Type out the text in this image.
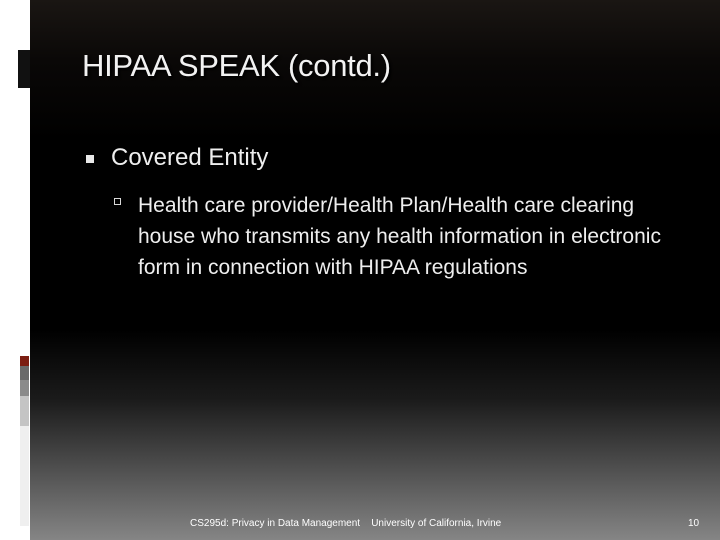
HIPAA SPEAK (contd.)
Covered Entity
Health care provider/Health Plan/Health care clearing house who transmits any health information in electronic form in connection with HIPAA regulations
CS295d: Privacy in Data Management    University of California, Irvine	10
